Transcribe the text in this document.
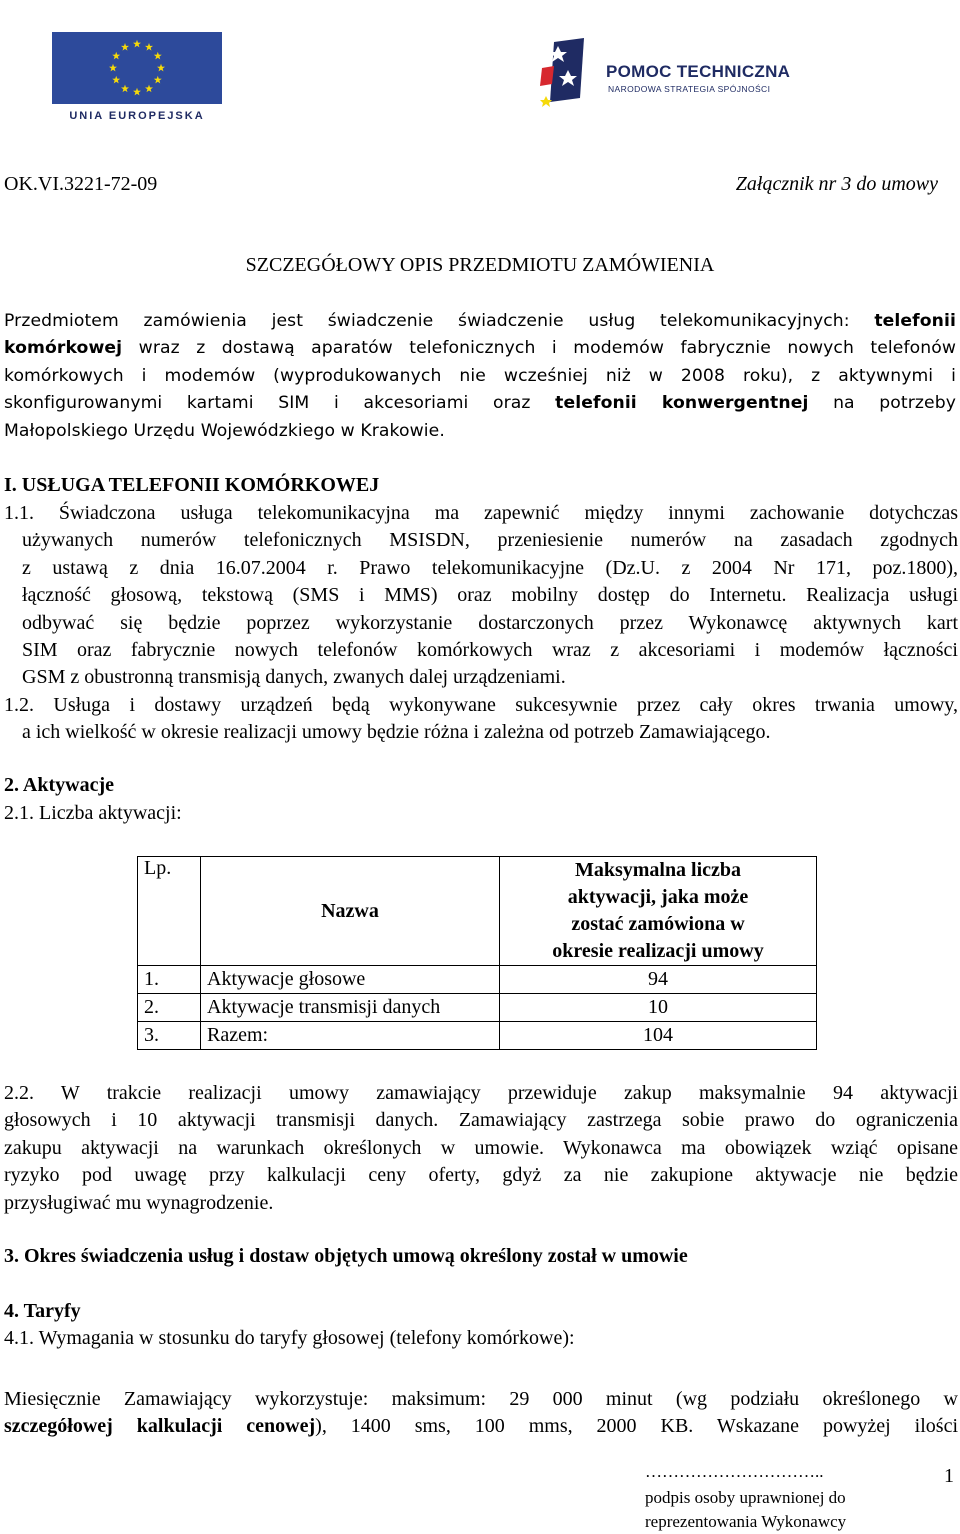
UNIA EUROPEJSKA
POMOC TECHNICZNA
NARODOWA STRATEGIA SPÓJNOŚCI
OK.VI.3221-72-09	Załącznik nr 3 do umowy
SZCZEGÓŁOWY OPIS PRZEDMIOTU ZAMÓWIENIA
Przedmiotem zamówienia jest świadczenie świadczenie usług telekomunikacyjnych: telefonii
komórkowej wraz z dostawą aparatów telefonicznych i modemów fabrycznie nowych telefonów
komórkowych i modemów (wyprodukowanych nie wcześniej niż w 2008 roku), z aktywnymi i
skonfigurowanymi kartami SIM i akcesoriami oraz telefonii konwergentnej na potrzeby
Małopolskiego Urzędu Wojewódzkiego w Krakowie.
I. USŁUGA TELEFONII KOMÓRKOWEJ
1.1. Świadczona usługa telekomunikacyjna ma zapewnić między innymi zachowanie dotychczas
używanych numerów telefonicznych MSISDN, przeniesienie numerów na zasadach zgodnych
z ustawą z dnia 16.07.2004 r. Prawo telekomunikacyjne (Dz.U. z 2004 Nr 171, poz.1800),
łączność głosową, tekstową (SMS i MMS) oraz mobilny dostęp do Internetu. Realizacja usługi
odbywać się będzie poprzez wykorzystanie dostarczonych przez Wykonawcę aktywnych kart
SIM oraz fabrycznie nowych telefonów komórkowych wraz z akcesoriami i modemów łączności
GSM z obustronną transmisją danych, zwanych dalej urządzeniami.
1.2. Usługa i dostawy urządzeń będą wykonywane sukcesywnie przez cały okres trwania umowy,
a ich wielkość w okresie realizacji umowy będzie różna i zależna od potrzeb Zamawiającego.
2. Aktywacje
2.1. Liczba aktywacji:
Lp.	Nazwa	Maksymalna liczba
aktywacji, jaka może
zostać zamówiona w
okresie realizacji umowy

1.	Aktywacje głosowe	94
2.	Aktywacje transmisji danych	10
3.	Razem:	104
2.2. W trakcie realizacji umowy zamawiający przewiduje zakup maksymalnie 94 aktywacji
głosowych i 10 aktywacji transmisji danych. Zamawiający zastrzega sobie prawo do ograniczenia
zakupu aktywacji na warunkach określonych w umowie. Wykonawca ma obowiązek wziąć opisane
ryzyko pod uwagę przy kalkulacji ceny oferty, gdyż za nie zakupione aktywacje nie będzie
przysługiwać mu wynagrodzenie.
3. Okres świadczenia usług i dostaw objętych umową określony został w umowie
4. Taryfy
4.1. Wymagania w stosunku do taryfy głosowej (telefony komórkowe):
Miesięcznie Zamawiający wykorzystuje: maksimum: 29 000 minut (wg podziału określonego w
szczegółowej kalkulacji cenowej), 1400 sms, 100 mms, 2000 KB. Wskazane powyżej ilości
…………………………..
podpis osoby uprawnionej do
reprezentowania Wykonawcy
1
